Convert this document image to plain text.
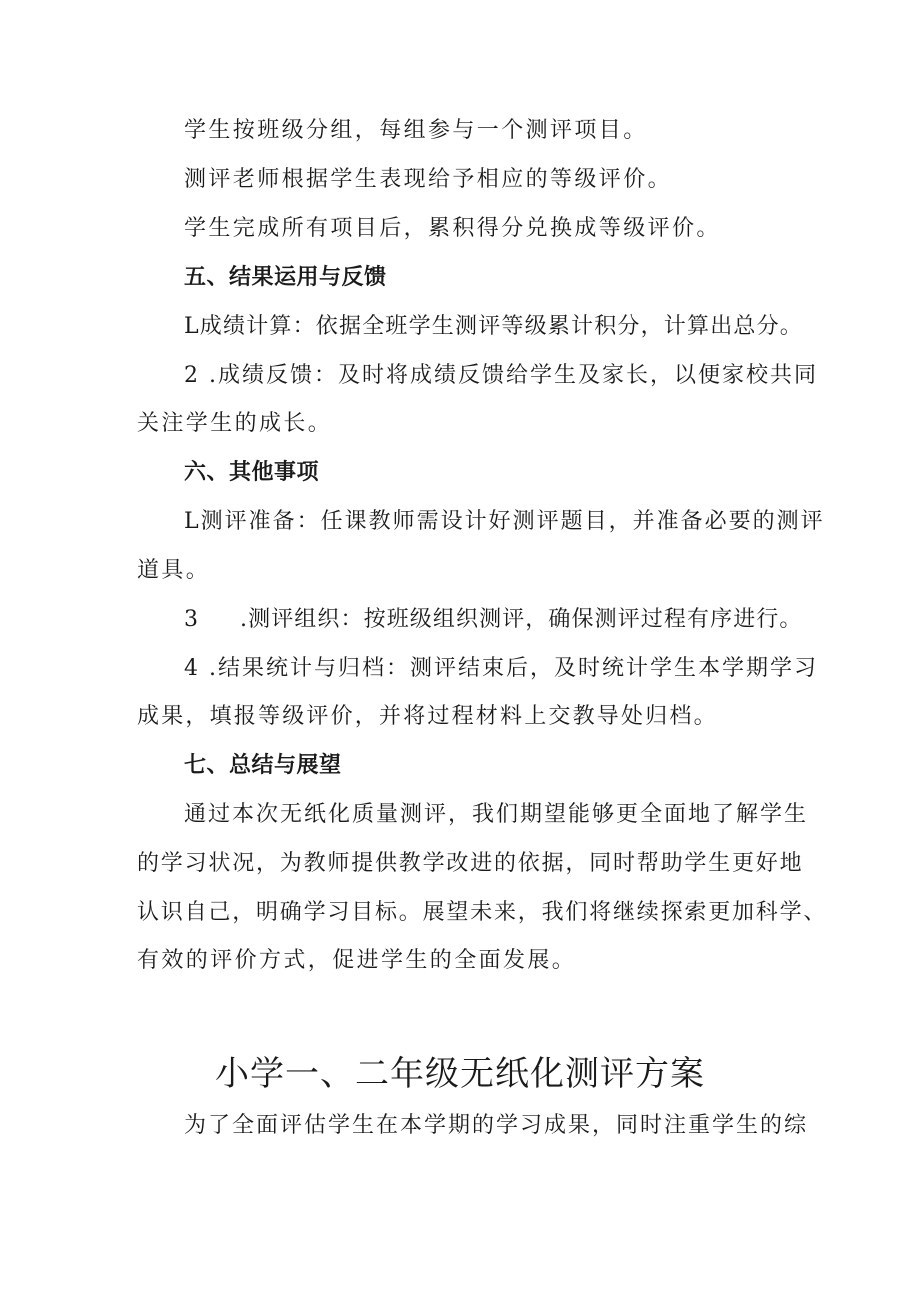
学生按班级分组，每组参与一个测评项目。
测评老师根据学生表现给予相应的等级评价。
学生完成所有项目后，累积得分兑换成等级评价。
五、结果运用与反馈
L成绩计算：依据全班学生测评等级累计积分，计算出总分。
2 .成绩反馈：及时将成绩反馈给学生及家长，以便家校共同
关注学生的成长。
六、其他事项
L测评准备：任课教师需设计好测评题目，并准备必要的测评
道具。
3 .测评组织：按班级组织测评，确保测评过程有序进行。
4 .结果统计与归档：测评结束后，及时统计学生本学期学习
成果，填报等级评价，并将过程材料上交教导处归档。
七、总结与展望
通过本次无纸化质量测评，我们期望能够更全面地了解学生
的学习状况，为教师提供教学改进的依据，同时帮助学生更好地
认识自己，明确学习目标。展望未来，我们将继续探索更加科学、
有效的评价方式，促进学生的全面发展。
小学一、二年级无纸化测评方案
为了全面评估学生在本学期的学习成果，同时注重学生的综
